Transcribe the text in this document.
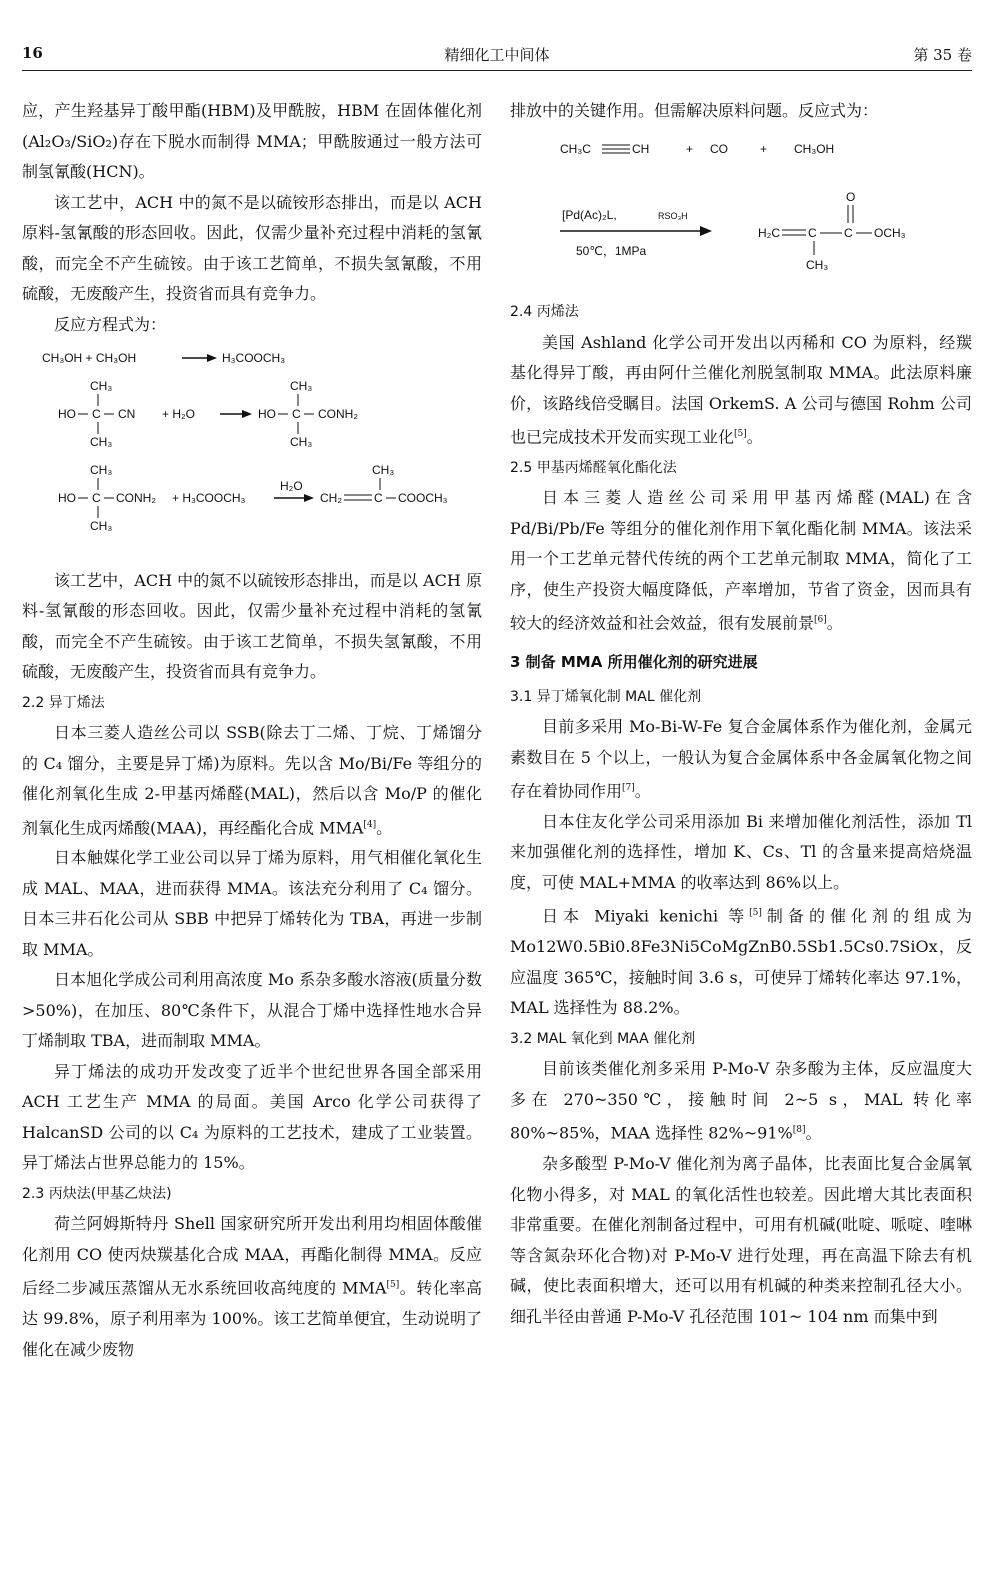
16	精细化工中间体	第 35 卷

应，产生羟基异丁酸甲酯(HBM)及甲酰胺，HBM 在固体催化剂(Al₂O₃/SiO₂)存在下脱水而制得 MMA；甲酰胺通过一般方法可制氢氰酸(HCN)。

该工艺中，ACH 中的氮不是以硫铵形态排出，而是以 ACH 原料-氢氰酸的形态回收。因此，仅需少量补充过程中消耗的氢氰酸，而完全不产生硫铵。由于该工艺简单，不损失氢氰酸，不用硫酸，无废酸产生，投资省而具有竞争力。

反应方程式为：

CH₃OH + CH₃OH	H₃COOCH₃
CH₃
HO C CN
CH₃
+ H₂O
CH₃
HO C CONH₂
CH₃
CH₃
HO C CONH₂
CH₃
+ H₃COOCH₃
H₂O
CH₂	C COOCH₃
CH₃

该工艺中，ACH 中的氮不以硫铵形态排出，而是以 ACH 原料-氢氰酸的形态回收。因此，仅需少量补充过程中消耗的氢氰酸，而完全不产生硫铵。由于该工艺简单，不损失氢氰酸，不用硫酸，无废酸产生，投资省而具有竞争力。

2.2 异丁烯法

日本三菱人造丝公司以 SSB(除去丁二烯、丁烷、丁烯馏分的 C₄ 馏分，主要是异丁烯)为原料。先以含 Mo/Bi/Fe 等组分的催化剂氧化生成 2-甲基丙烯醛(MAL)，然后以含 Mo/P 的催化剂氧化生成丙烯酸(MAA)，再经酯化合成 MMA[4]。

日本触媒化学工业公司以异丁烯为原料，用气相催化氧化生成 MAL、MAA，进而获得 MMA。该法充分利用了 C₄ 馏分。日本三井石化公司从 SBB 中把异丁烯转化为 TBA，再进一步制取 MMA。

日本旭化学成公司利用高浓度 Mo 系杂多酸水溶液(质量分数>50%)，在加压、80℃条件下，从混合丁烯中选择性地水合异丁烯制取 TBA，进而制取 MMA。

异丁烯法的成功开发改变了近半个世纪世界各国全部采用 ACH 工艺生产 MMA 的局面。美国 Arco 化学公司获得了 HalcanSD 公司的以 C₄ 为原料的工艺技术，建成了工业装置。异丁烯法占世界总能力的 15%。

2.3 丙炔法(甲基乙炔法)

荷兰阿姆斯特丹 Shell 国家研究所开发出利用均相固体酸催化剂用 CO 使丙炔羰基化合成 MAA，再酯化制得 MMA。反应后经二步减压蒸馏从无水系统回收高纯度的 MMA[5]。转化率高达 99.8%，原子利用率为 100%。该工艺简单便宜，生动说明了催化在减少废物

排放中的关键作用。但需解决原料问题。反应式为：

CH₃C	CH	+ CO	+ CH₃OH
[Pd(Ac)₂L,	RSO₃H
50℃，1MPa
O
H₂C C C OCH₃
CH₃

2.4 丙烯法

美国 Ashland 化学公司开发出以丙稀和 CO 为原料，经羰基化得异丁酸，再由阿什兰催化剂脱氢制取 MMA。此法原料廉价，该路线倍受瞩目。法国 OrkemS. A 公司与德国 Rohm 公司也已完成技术开发而实现工业化[5]。

2.5 甲基丙烯醛氧化酯化法

日本三菱人造丝公司采用甲基丙烯醛(MAL)在含 Pd/Bi/Pb/Fe 等组分的催化剂作用下氧化酯化制 MMA。该法采用一个工艺单元替代传统的两个工艺单元制取 MMA，简化了工序，使生产投资大幅度降低，产率增加，节省了资金，因而具有较大的经济效益和社会效益，很有发展前景[6]。

3 制备 MMA 所用催化剂的研究进展

3.1 异丁烯氧化制 MAL 催化剂

目前多采用 Mo-Bi-W-Fe 复合金属体系作为催化剂，金属元素数目在 5 个以上，一般认为复合金属体系中各金属氧化物之间存在着协同作用[7]。

日本住友化学公司采用添加 Bi 来增加催化剂活性，添加 Tl 来加强催化剂的选择性，增加 K、Cs、Tl 的含量来提高焙烧温度，可使 MAL+MMA 的收率达到 86%以上。

日本 Miyaki kenichi 等[5]制备的催化剂的组成为 Mo12W0.5Bi0.8Fe3Ni5CoMgZnB0.5Sb1.5Cs0.7SiOx，反应温度 365℃，接触时间 3.6 s，可使异丁烯转化率达 97.1%，MAL 选择性为 88.2%。

3.2 MAL 氧化到 MAA 催化剂

目前该类催化剂多采用 P-Mo-V 杂多酸为主体，反应温度大多在 270~350℃，接触时间 2~5 s，MAL 转化率 80%~85%，MAA 选择性 82%~91%[8]。

杂多酸型 P-Mo-V 催化剂为离子晶体，比表面比复合金属氧化物小得多，对 MAL 的氧化活性也较差。因此增大其比表面积非常重要。在催化剂制备过程中，可用有机碱(吡啶、哌啶、喹啉等含氮杂环化合物)对 P-Mo-V 进行处理，再在高温下除去有机碱，使比表面积增大，还可以用有机碱的种类来控制孔径大小。细孔半径由普通 P-Mo-V 孔径范围 101~ 104 nm 而集中到
